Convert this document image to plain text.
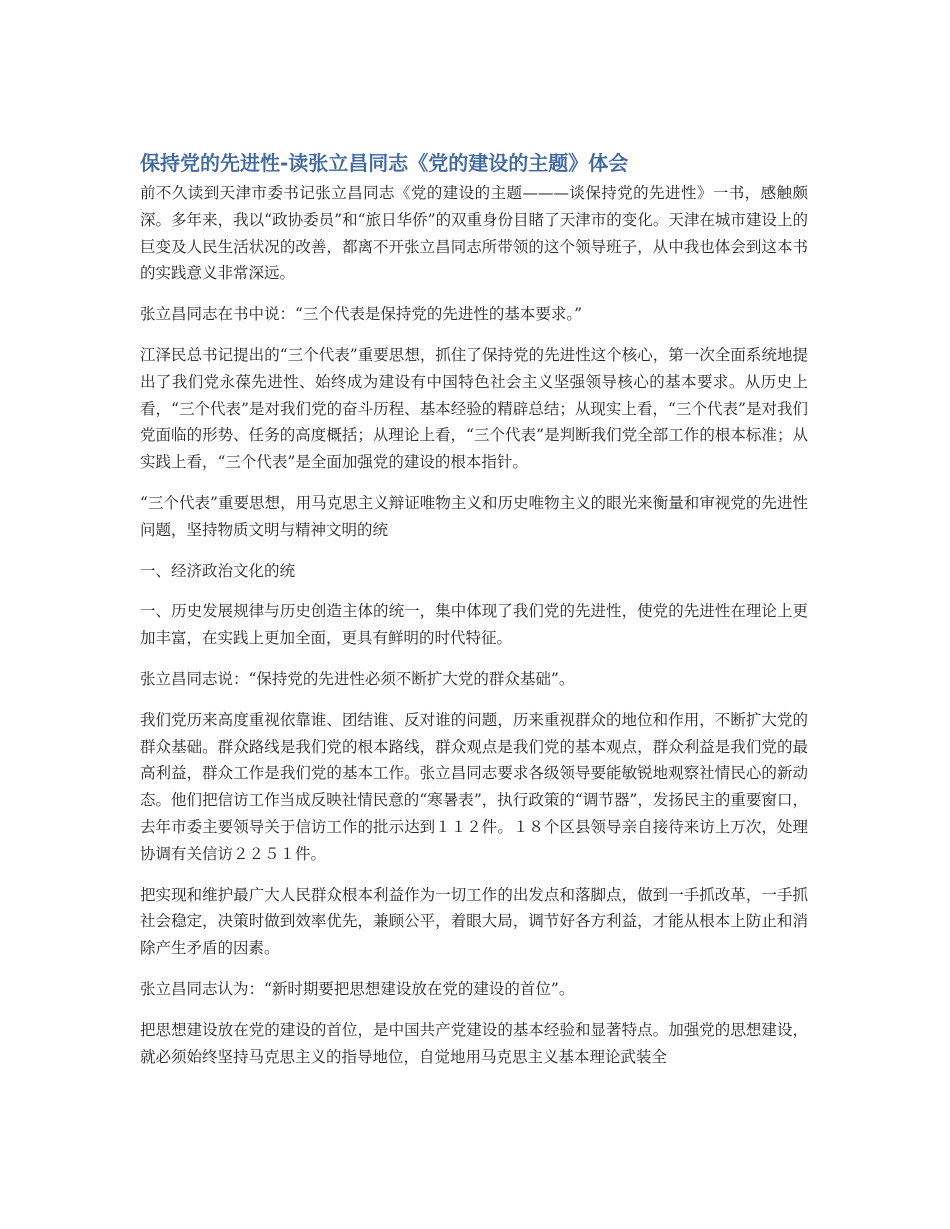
保持党的先进性-读张立昌同志《党的建设的主题》体会

前不久读到天津市委书记张立昌同志《党的建设的主题———谈保持党的先进性》一书，感触颇深。多年来，我以“政协委员”和“旅日华侨”的双重身份目睹了天津市的变化。天津在城市建设上的巨变及人民生活状况的改善，都离不开张立昌同志所带领的这个领导班子，从中我也体会到这本书的实践意义非常深远。

张立昌同志在书中说：“三个代表是保持党的先进性的基本要求。”

江泽民总书记提出的“三个代表”重要思想，抓住了保持党的先进性这个核心，第一次全面系统地提出了我们党永葆先进性、始终成为建设有中国特色社会主义坚强领导核心的基本要求。从历史上看，“三个代表”是对我们党的奋斗历程、基本经验的精辟总结；从现实上看，“三个代表”是对我们党面临的形势、任务的高度概括；从理论上看，“三个代表”是判断我们党全部工作的根本标准；从实践上看，“三个代表”是全面加强党的建设的根本指针。

“三个代表”重要思想，用马克思主义辩证唯物主义和历史唯物主义的眼光来衡量和审视党的先进性问题，坚持物质文明与精神文明的统

一、经济政治文化的统

一、历史发展规律与历史创造主体的统一，集中体现了我们党的先进性，使党的先进性在理论上更加丰富，在实践上更加全面，更具有鲜明的时代特征。

张立昌同志说：“保持党的先进性必须不断扩大党的群众基础”。

我们党历来高度重视依靠谁、团结谁、反对谁的问题，历来重视群众的地位和作用，不断扩大党的群众基础。群众路线是我们党的根本路线，群众观点是我们党的基本观点，群众利益是我们党的最高利益，群众工作是我们党的基本工作。张立昌同志要求各级领导要能敏锐地观察社情民心的新动态。他们把信访工作当成反映社情民意的“寒暑表”，执行政策的“调节器”，发扬民主的重要窗口，去年市委主要领导关于信访工作的批示达到１１２件。１８个区县领导亲自接待来访上万次，处理协调有关信访２２５１件。

把实现和维护最广大人民群众根本利益作为一切工作的出发点和落脚点，做到一手抓改革，一手抓社会稳定，决策时做到效率优先，兼顾公平，着眼大局，调节好各方利益，才能从根本上防止和消除产生矛盾的因素。

张立昌同志认为：“新时期要把思想建设放在党的建设的首位”。

把思想建设放在党的建设的首位，是中国共产党建设的基本经验和显著特点。加强党的思想建设，就必须始终坚持马克思主义的指导地位，自觉地用马克思主义基本理论武装全
